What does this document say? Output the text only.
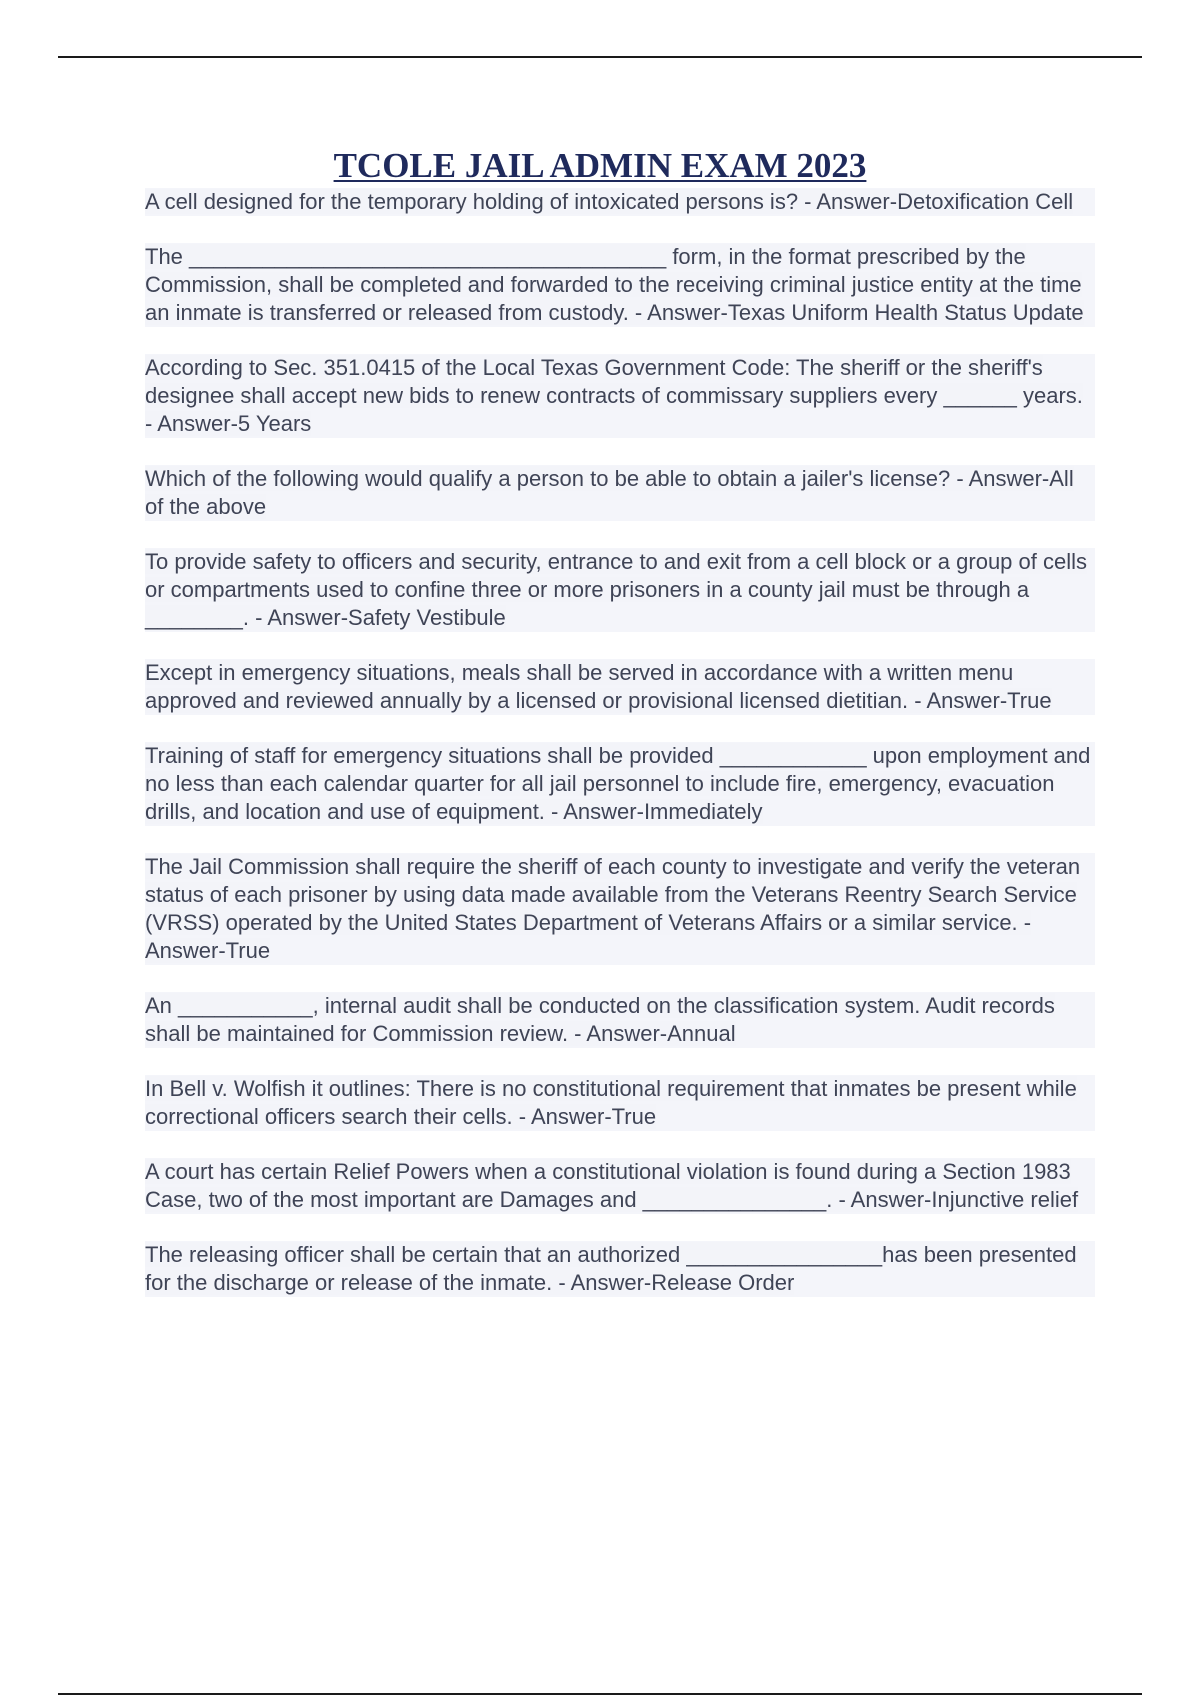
TCOLE JAIL ADMIN EXAM 2023

A cell designed for the temporary holding of intoxicated persons is? - Answer-Detoxification Cell

The _______________________________________ form, in the format prescribed by the Commission, shall be completed and forwarded to the receiving criminal justice entity at the time an inmate is transferred or released from custody. - Answer-Texas Uniform Health Status Update

According to Sec. 351.0415 of the Local Texas Government Code: The sheriff or the sheriff's designee shall accept new bids to renew contracts of commissary suppliers every ______ years. - Answer-5 Years

Which of the following would qualify a person to be able to obtain a jailer's license? - Answer-All of the above

To provide safety to officers and security, entrance to and exit from a cell block or a group of cells or compartments used to confine three or more prisoners in a county jail must be through a ________. - Answer-Safety Vestibule

Except in emergency situations, meals shall be served in accordance with a written menu approved and reviewed annually by a licensed or provisional licensed dietitian. - Answer-True

Training of staff for emergency situations shall be provided ____________ upon employment and no less than each calendar quarter for all jail personnel to include fire, emergency, evacuation drills, and location and use of equipment. - Answer-Immediately

The Jail Commission shall require the sheriff of each county to investigate and verify the veteran status of each prisoner by using data made available from the Veterans Reentry Search Service (VRSS) operated by the United States Department of Veterans Affairs or a similar service. - Answer-True

An ___________, internal audit shall be conducted on the classification system. Audit records shall be maintained for Commission review. - Answer-Annual

In Bell v. Wolfish it outlines: There is no constitutional requirement that inmates be present while correctional officers search their cells. - Answer-True

A court has certain Relief Powers when a constitutional violation is found during a Section 1983 Case, two of the most important are Damages and _______________. - Answer-Injunctive relief

The releasing officer shall be certain that an authorized ________________has been presented for the discharge or release of the inmate. - Answer-Release Order
